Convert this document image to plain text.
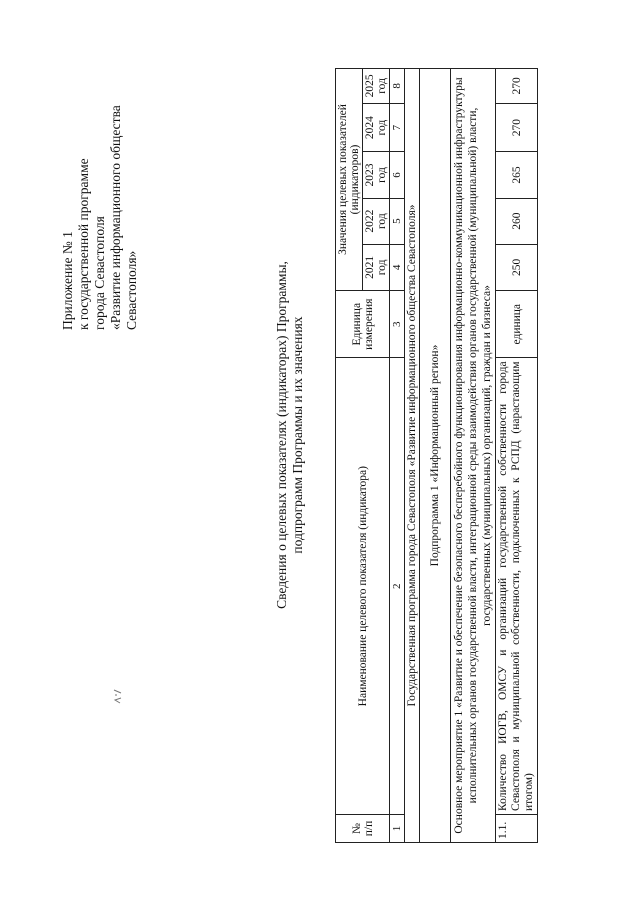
Приложение № 1 к государственной программе города Севастополя «Развитие информационного общества Севастополя»	Сведения о целевых показателях (индикаторах) Программы, подпрограмм Программы и их значениях
№ п/п	Наименование целевого показателя (индикатора)	Единица измерения	Значения целевых показателей (индикаторов)				
			2021 год	2022 год	2023 год	2024 год	2025 год
1	2	3	4	5	6	7	8
Государственная программа города Севастополя «Развитие информационного общества Севастополя»							
Подпрограмма 1 «Информационный регион»							
Основное мероприятие 1 «Развитие и обеспечение безопасного бесперебойного функционирования информационно-коммуникационной инфраструктуры исполнительных органов государственной власти, интеграционной среды взаимодействия органов государственной (муниципальной) власти, государственных (муниципальных) организаций, граждан и бизнеса»							
1.1.	Количество ИОГВ, ОМСУ и организаций государственной собственности города Севастополя и муниципальной собственности, подключенных к РСПД (нарастающим итогом)	единица	250	260	265	270	270
